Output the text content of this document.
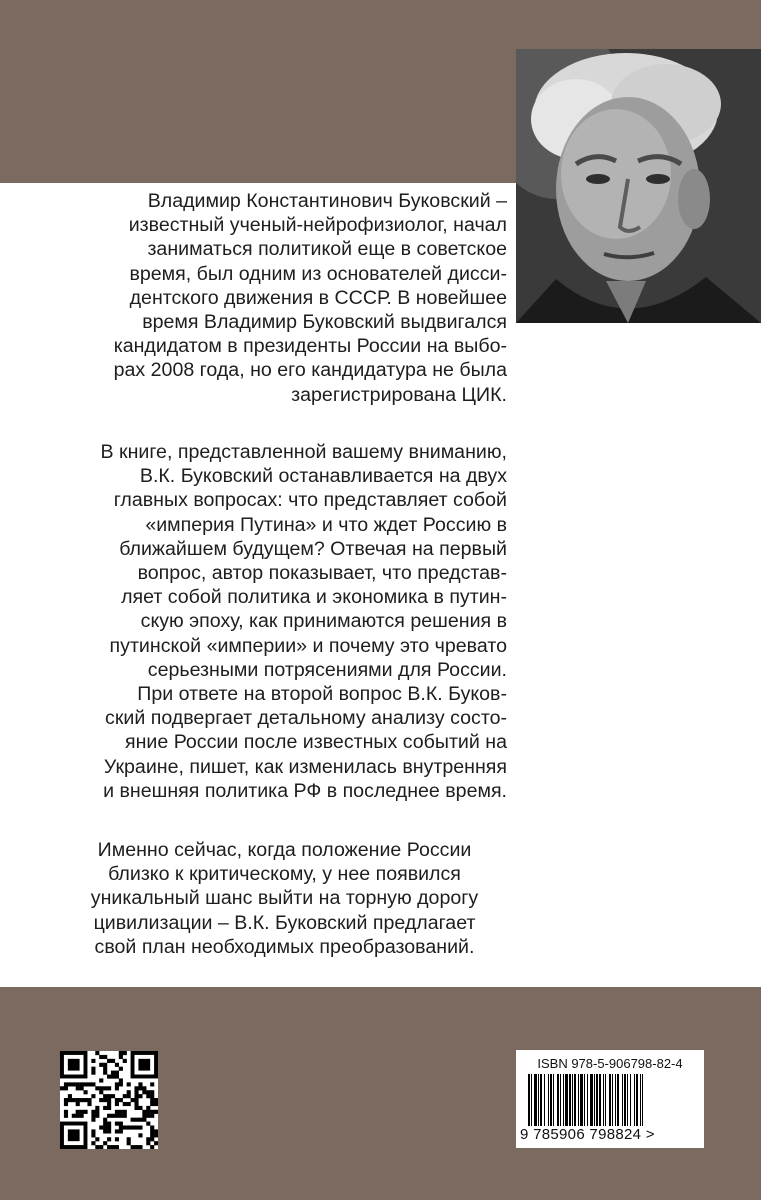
Владимир Константинович Буковский –
известный ученый-нейрофизиолог, начал
заниматься политикой еще в советское
время, был одним из основателей дисси-
дентского движения в СССР. В новейшее
время Владимир Буковский выдвигался
кандидатом в президенты России на выбо-
рах 2008 года, но его кандидатура не была
зарегистрирована ЦИК.
В книге, представленной вашему вниманию,
В.К. Буковский останавливается на двух
главных вопросах: что представляет собой
«империя Путина» и что ждет Россию в
ближайшем будущем? Отвечая на первый
вопрос, автор показывает, что представ-
ляет собой политика и экономика в путин-
скую эпоху, как принимаются решения в
путинской «империи» и почему это чревато
серьезными потрясениями для России.
При ответе на второй вопрос В.К. Буков-
ский подвергает детальному анализу состо-
яние России после известных событий на
Украине, пишет, как изменилась внутренняя
и внешняя политика РФ в последнее время.
Именно сейчас, когда положение России
близко к критическому, у нее появился
уникальный шанс выйти на торную дорогу
цивилизации – В.К. Буковский предлагает
свой план необходимых преобразований.
ISBN 978-5-906798-82-4
9 785906 798824 >
